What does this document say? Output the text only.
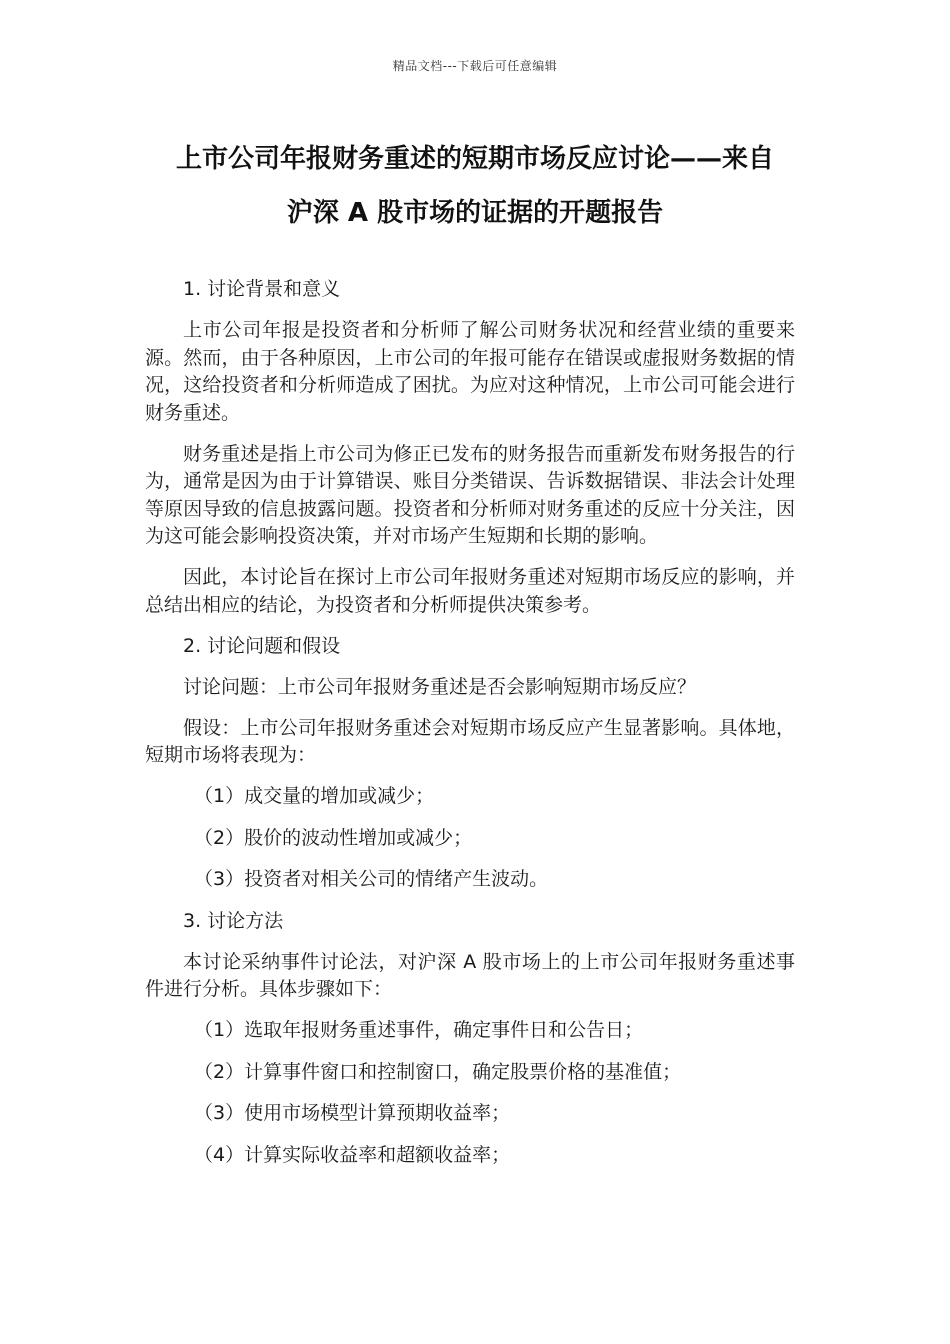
精品文档---下载后可任意编辑
上市公司年报财务重述的短期市场反应讨论——来自
沪深 A 股市场的证据的开题报告

1. 讨论背景和意义

上市公司年报是投资者和分析师了解公司财务状况和经营业绩的重要来源。然而，由于各种原因，上市公司的年报可能存在错误或虚报财务数据的情况，这给投资者和分析师造成了困扰。为应对这种情况，上市公司可能会进行财务重述。

财务重述是指上市公司为修正已发布的财务报告而重新发布财务报告的行为，通常是因为由于计算错误、账目分类错误、告诉数据错误、非法会计处理等原因导致的信息披露问题。投资者和分析师对财务重述的反应十分关注，因为这可能会影响投资决策，并对市场产生短期和长期的影响。

因此，本讨论旨在探讨上市公司年报财务重述对短期市场反应的影响，并总结出相应的结论，为投资者和分析师提供决策参考。

2. 讨论问题和假设

讨论问题：上市公司年报财务重述是否会影响短期市场反应？

假设：上市公司年报财务重述会对短期市场反应产生显著影响。具体地，短期市场将表现为：

（1）成交量的增加或减少；

（2）股价的波动性增加或减少；

（3）投资者对相关公司的情绪产生波动。

3. 讨论方法

本讨论采纳事件讨论法，对沪深 A 股市场上的上市公司年报财务重述事件进行分析。具体步骤如下：

（1）选取年报财务重述事件，确定事件日和公告日；

（2）计算事件窗口和控制窗口，确定股票价格的基准值；

（3）使用市场模型计算预期收益率；

（4）计算实际收益率和超额收益率；
